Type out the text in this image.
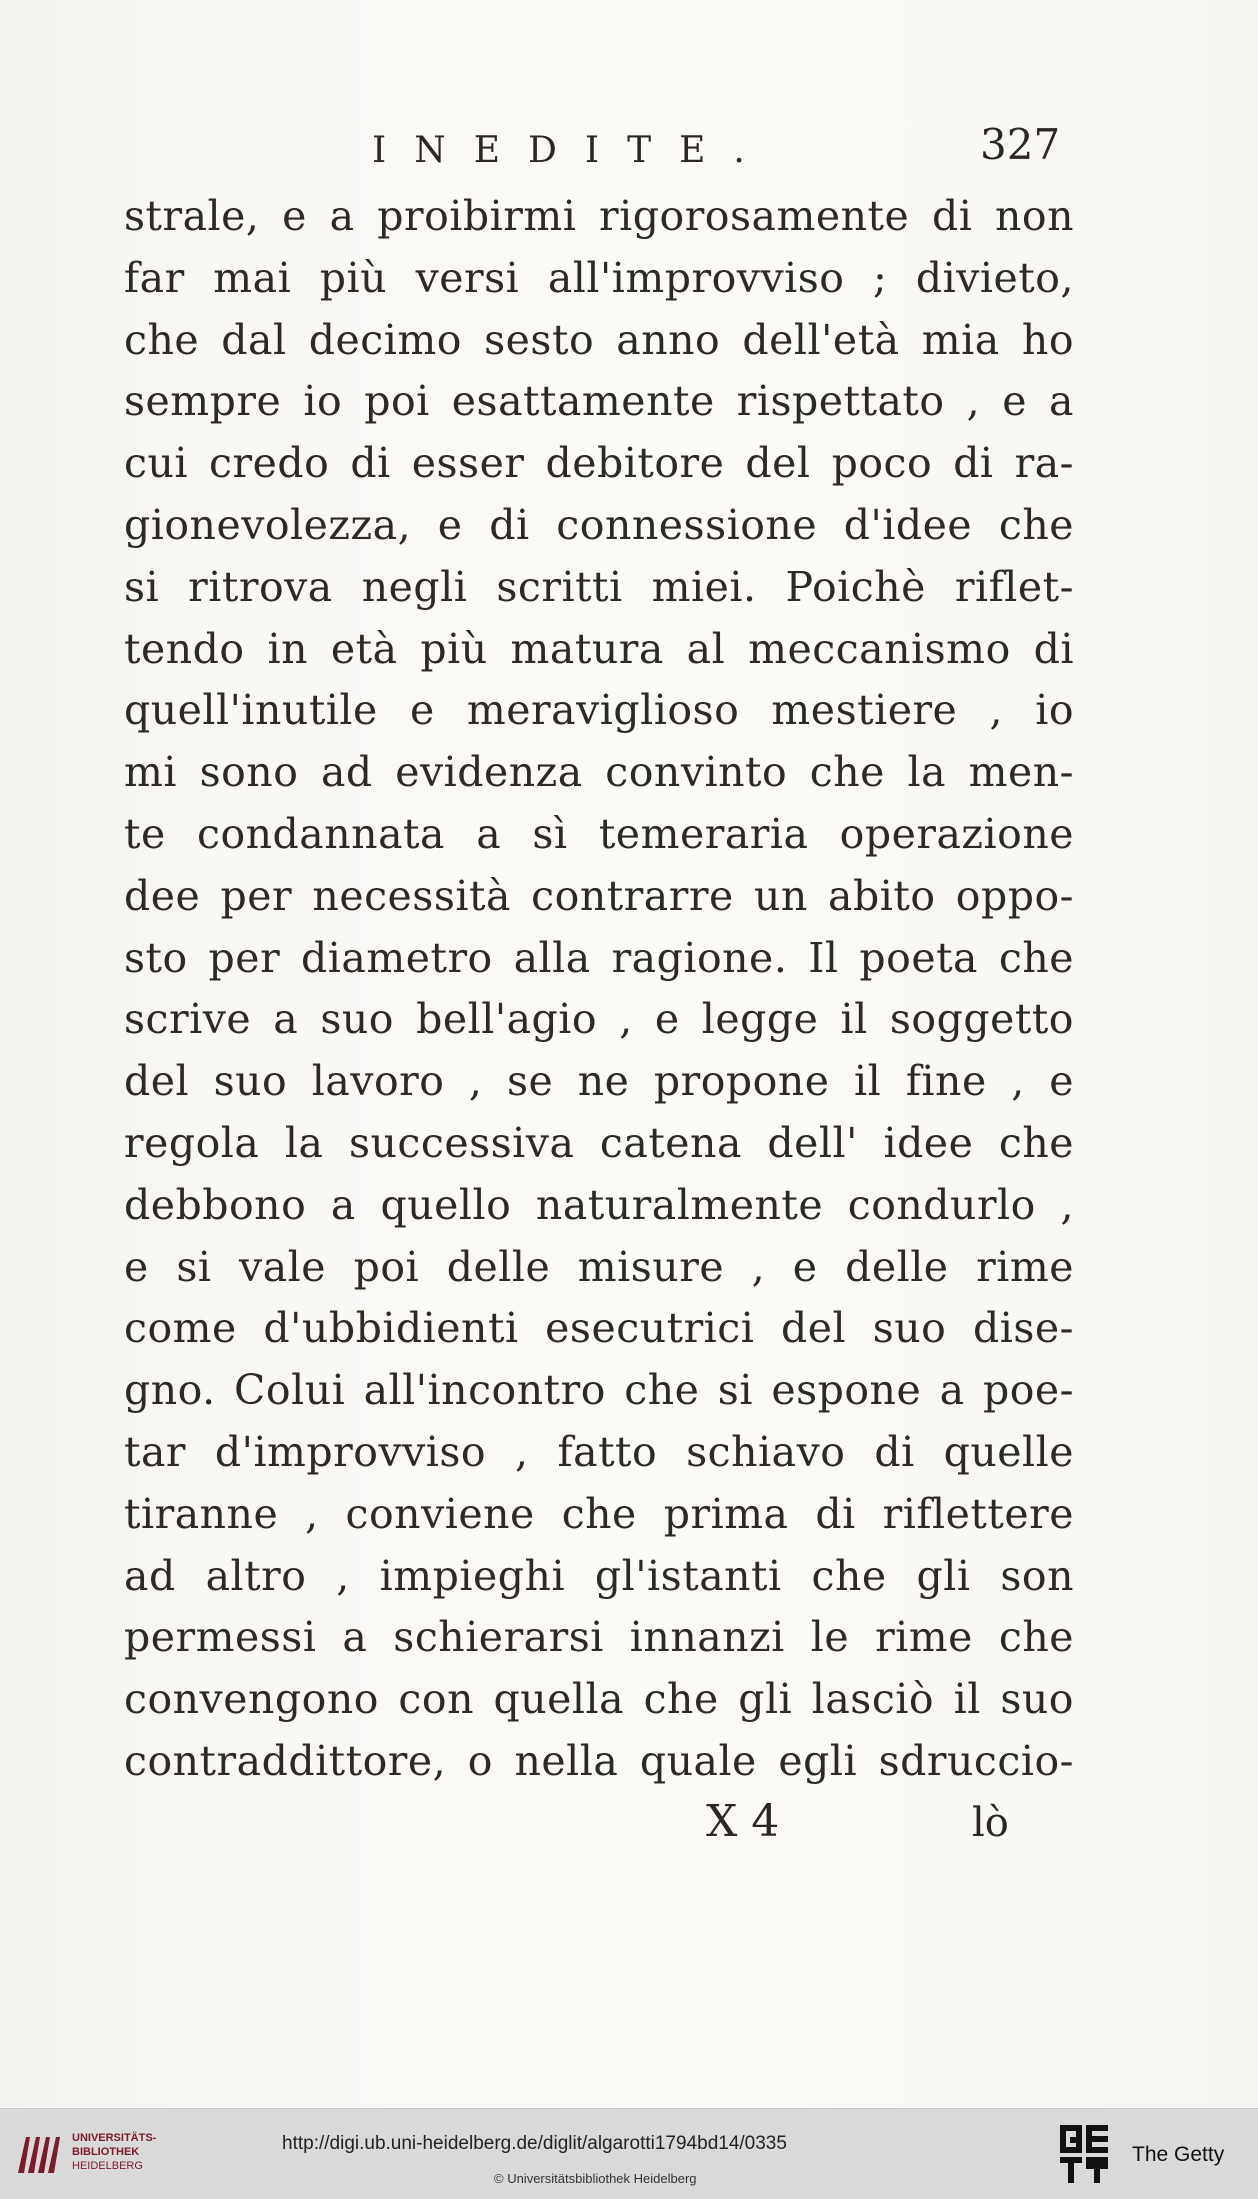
INEDITE.	327
strale, e a proibirmi rigorosamente di non
far mai più versi all'improvviso ; divieto,
che dal decimo sesto anno dell'età mia ho
sempre io poi esattamente rispettato , e a
cui credo di esser debitore del poco di ra-
gionevolezza, e di connessione d'idee che
si ritrova negli scritti miei. Poichè riflet-
tendo in età più matura al meccanismo di
quell'inutile e meraviglioso mestiere , io
mi sono ad evidenza convinto che la men-
te condannata a sì temeraria operazione
dee per necessità contrarre un abito oppo-
sto per diametro alla ragione. Il poeta che
scrive a suo bell'agio , e legge il soggetto
del suo lavoro , se ne propone il fine , e
regola la successiva catena dell' idee che
debbono a quello naturalmente condurlo ,
e si vale poi delle misure , e delle rime
come d'ubbidienti esecutrici del suo dise-
gno. Colui all'incontro che si espone a poe-
tar d'improvviso , fatto schiavo di quelle
tiranne , conviene che prima di riflettere
ad altro , impieghi gl'istanti che gli son
permessi a schierarsi innanzi le rime che
convengono con quella che gli lasciò il suo
contraddittore, o nella quale egli sdruccio-
X 4	lò
UNIVERSITÄTS-
BIBLIOTHEK
HEIDELBERG
http://digi.ub.uni-heidelberg.de/diglit/algarotti1794bd14/0335
© Universitätsbibliothek Heidelberg
The Getty
